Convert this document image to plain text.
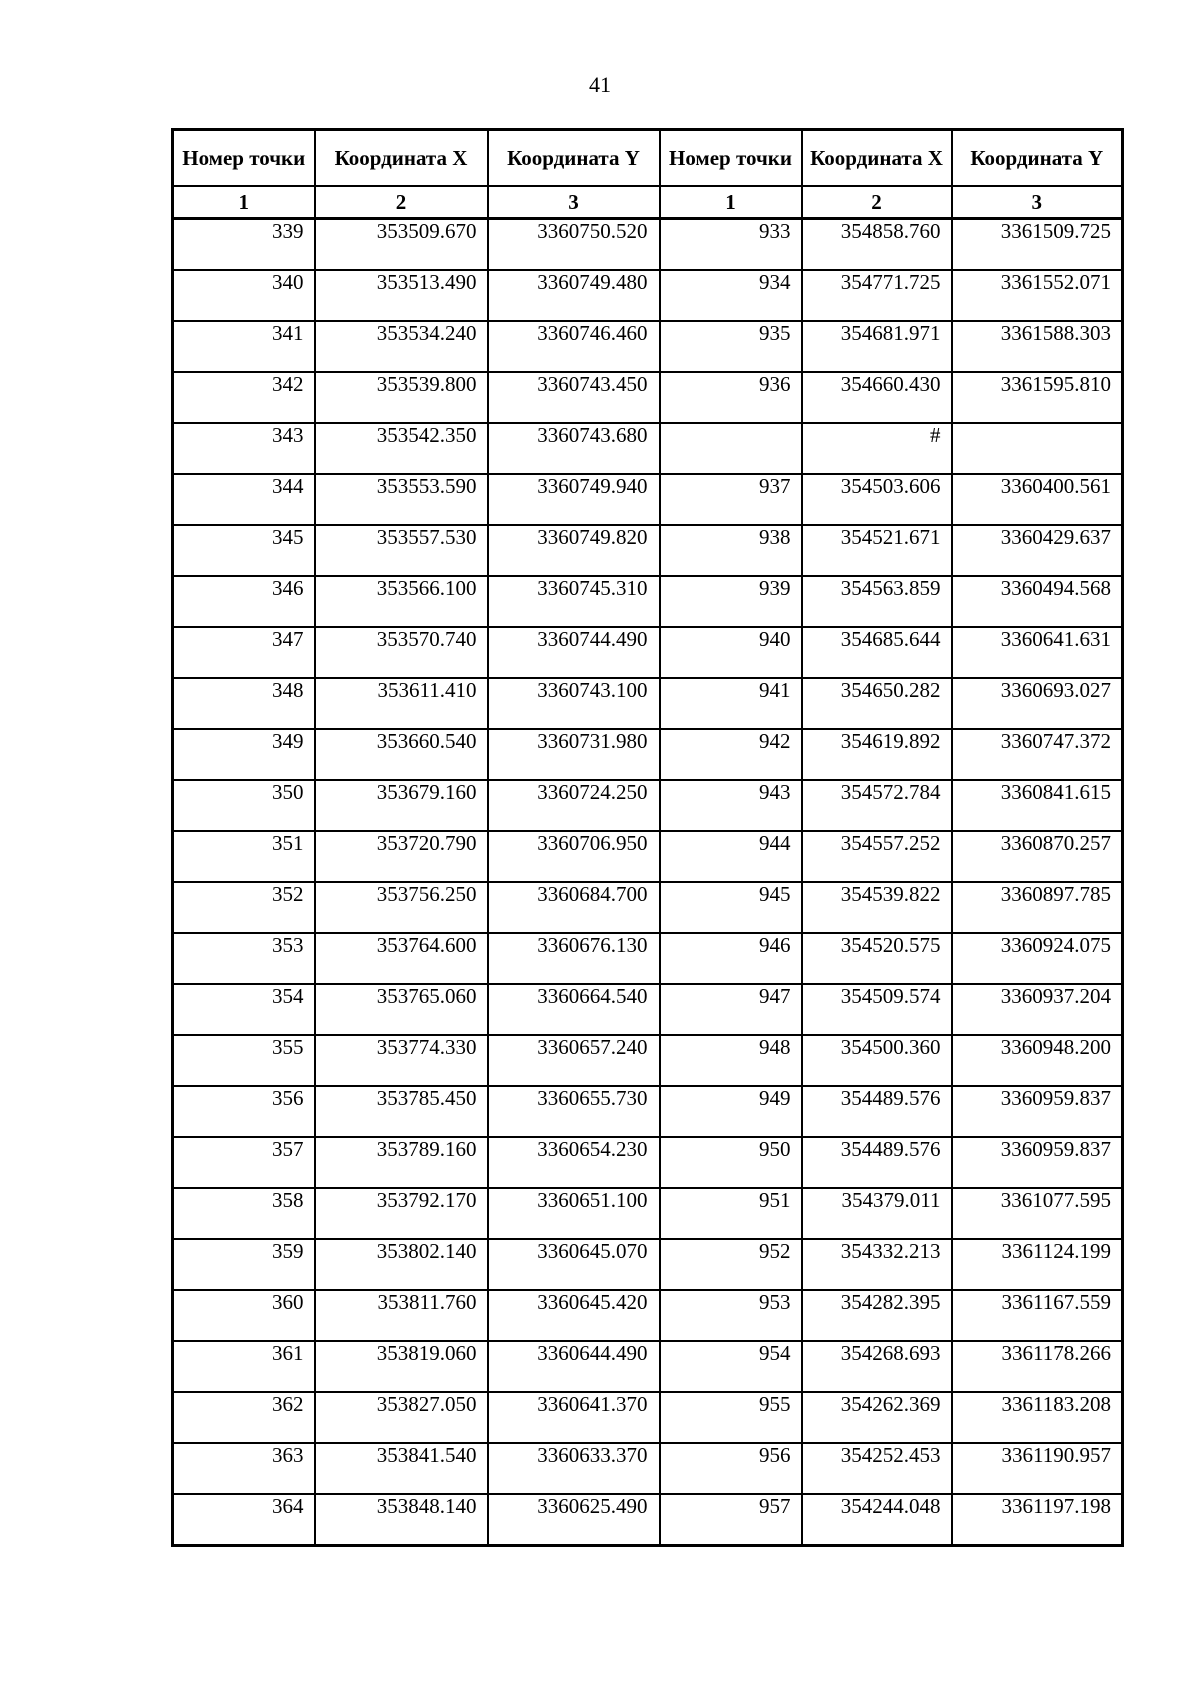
41
Номер точки	Координата X	Координата Y	Номер точки	Координата X	Координата Y
1	2	3	1	2	3
339	353509.670	3360750.520	933	354858.760	3361509.725
340	353513.490	3360749.480	934	354771.725	3361552.071
341	353534.240	3360746.460	935	354681.971	3361588.303
342	353539.800	3360743.450	936	354660.430	3361595.810
343	353542.350	3360743.680		#	
344	353553.590	3360749.940	937	354503.606	3360400.561
345	353557.530	3360749.820	938	354521.671	3360429.637
346	353566.100	3360745.310	939	354563.859	3360494.568
347	353570.740	3360744.490	940	354685.644	3360641.631
348	353611.410	3360743.100	941	354650.282	3360693.027
349	353660.540	3360731.980	942	354619.892	3360747.372
350	353679.160	3360724.250	943	354572.784	3360841.615
351	353720.790	3360706.950	944	354557.252	3360870.257
352	353756.250	3360684.700	945	354539.822	3360897.785
353	353764.600	3360676.130	946	354520.575	3360924.075
354	353765.060	3360664.540	947	354509.574	3360937.204
355	353774.330	3360657.240	948	354500.360	3360948.200
356	353785.450	3360655.730	949	354489.576	3360959.837
357	353789.160	3360654.230	950	354489.576	3360959.837
358	353792.170	3360651.100	951	354379.011	3361077.595
359	353802.140	3360645.070	952	354332.213	3361124.199
360	353811.760	3360645.420	953	354282.395	3361167.559
361	353819.060	3360644.490	954	354268.693	3361178.266
362	353827.050	3360641.370	955	354262.369	3361183.208
363	353841.540	3360633.370	956	354252.453	3361190.957
364	353848.140	3360625.490	957	354244.048	3361197.198
